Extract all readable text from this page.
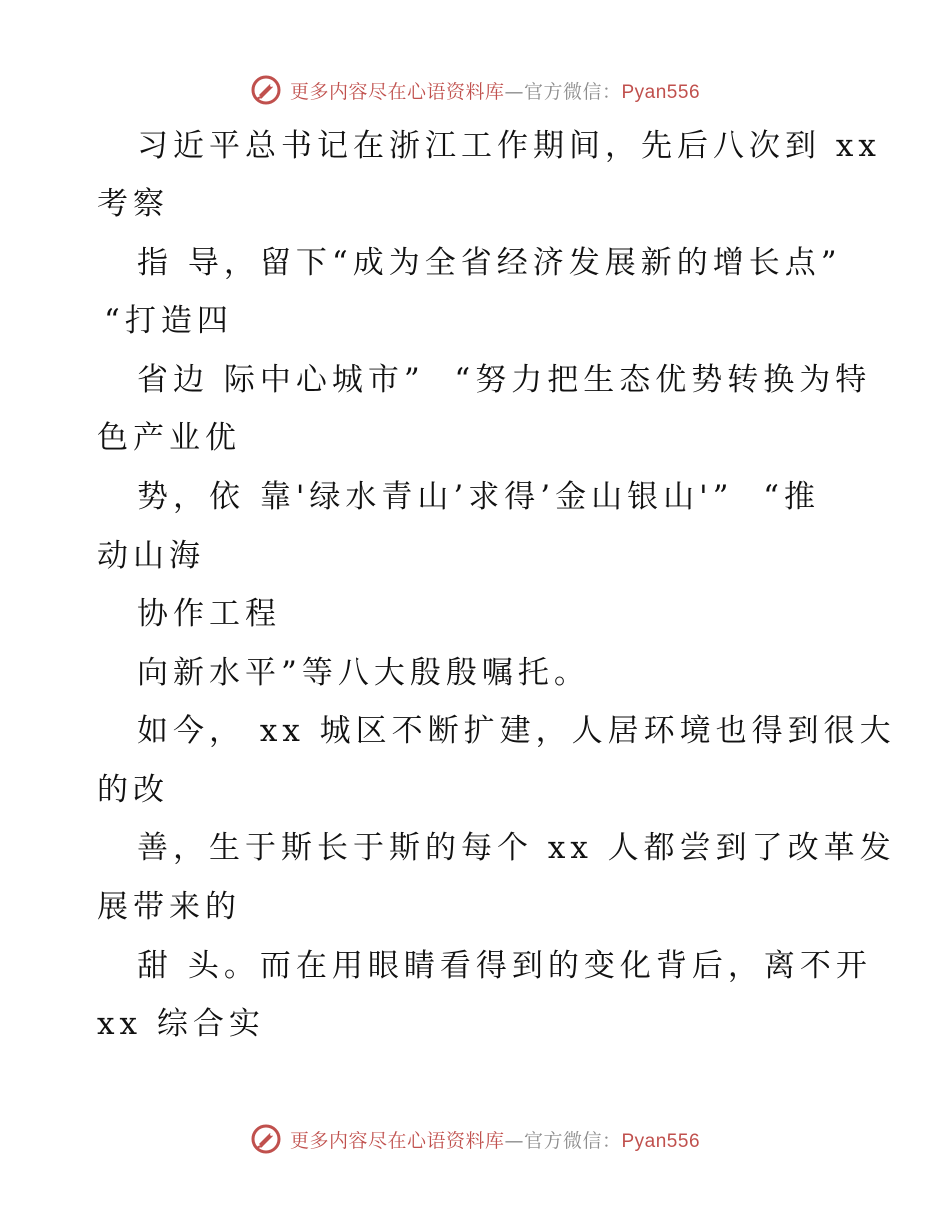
更多内容尽在心语资料库—官方微信：Pyan556
习近平总书记在浙江工作期间，先后八次到 xx
考察
指 导，留下“成为全省经济发展新的增长点”
“打造四
省边 际中心城市”  “努力把生态优势转换为特
色产业优
势，依 靠'绿水青山’求得’金山银山'”  “推
动山海
协作工程
向新水平”等八大殷殷嘱托。
如今， xx 城区不断扩建，人居环境也得到很大
的改
善，生于斯长于斯的每个 xx 人都尝到了改革发
展带来的
甜 头。而在用眼睛看得到的变化背后，离不开
xx 综合实
更多内容尽在心语资料库—官方微信：Pyan556
